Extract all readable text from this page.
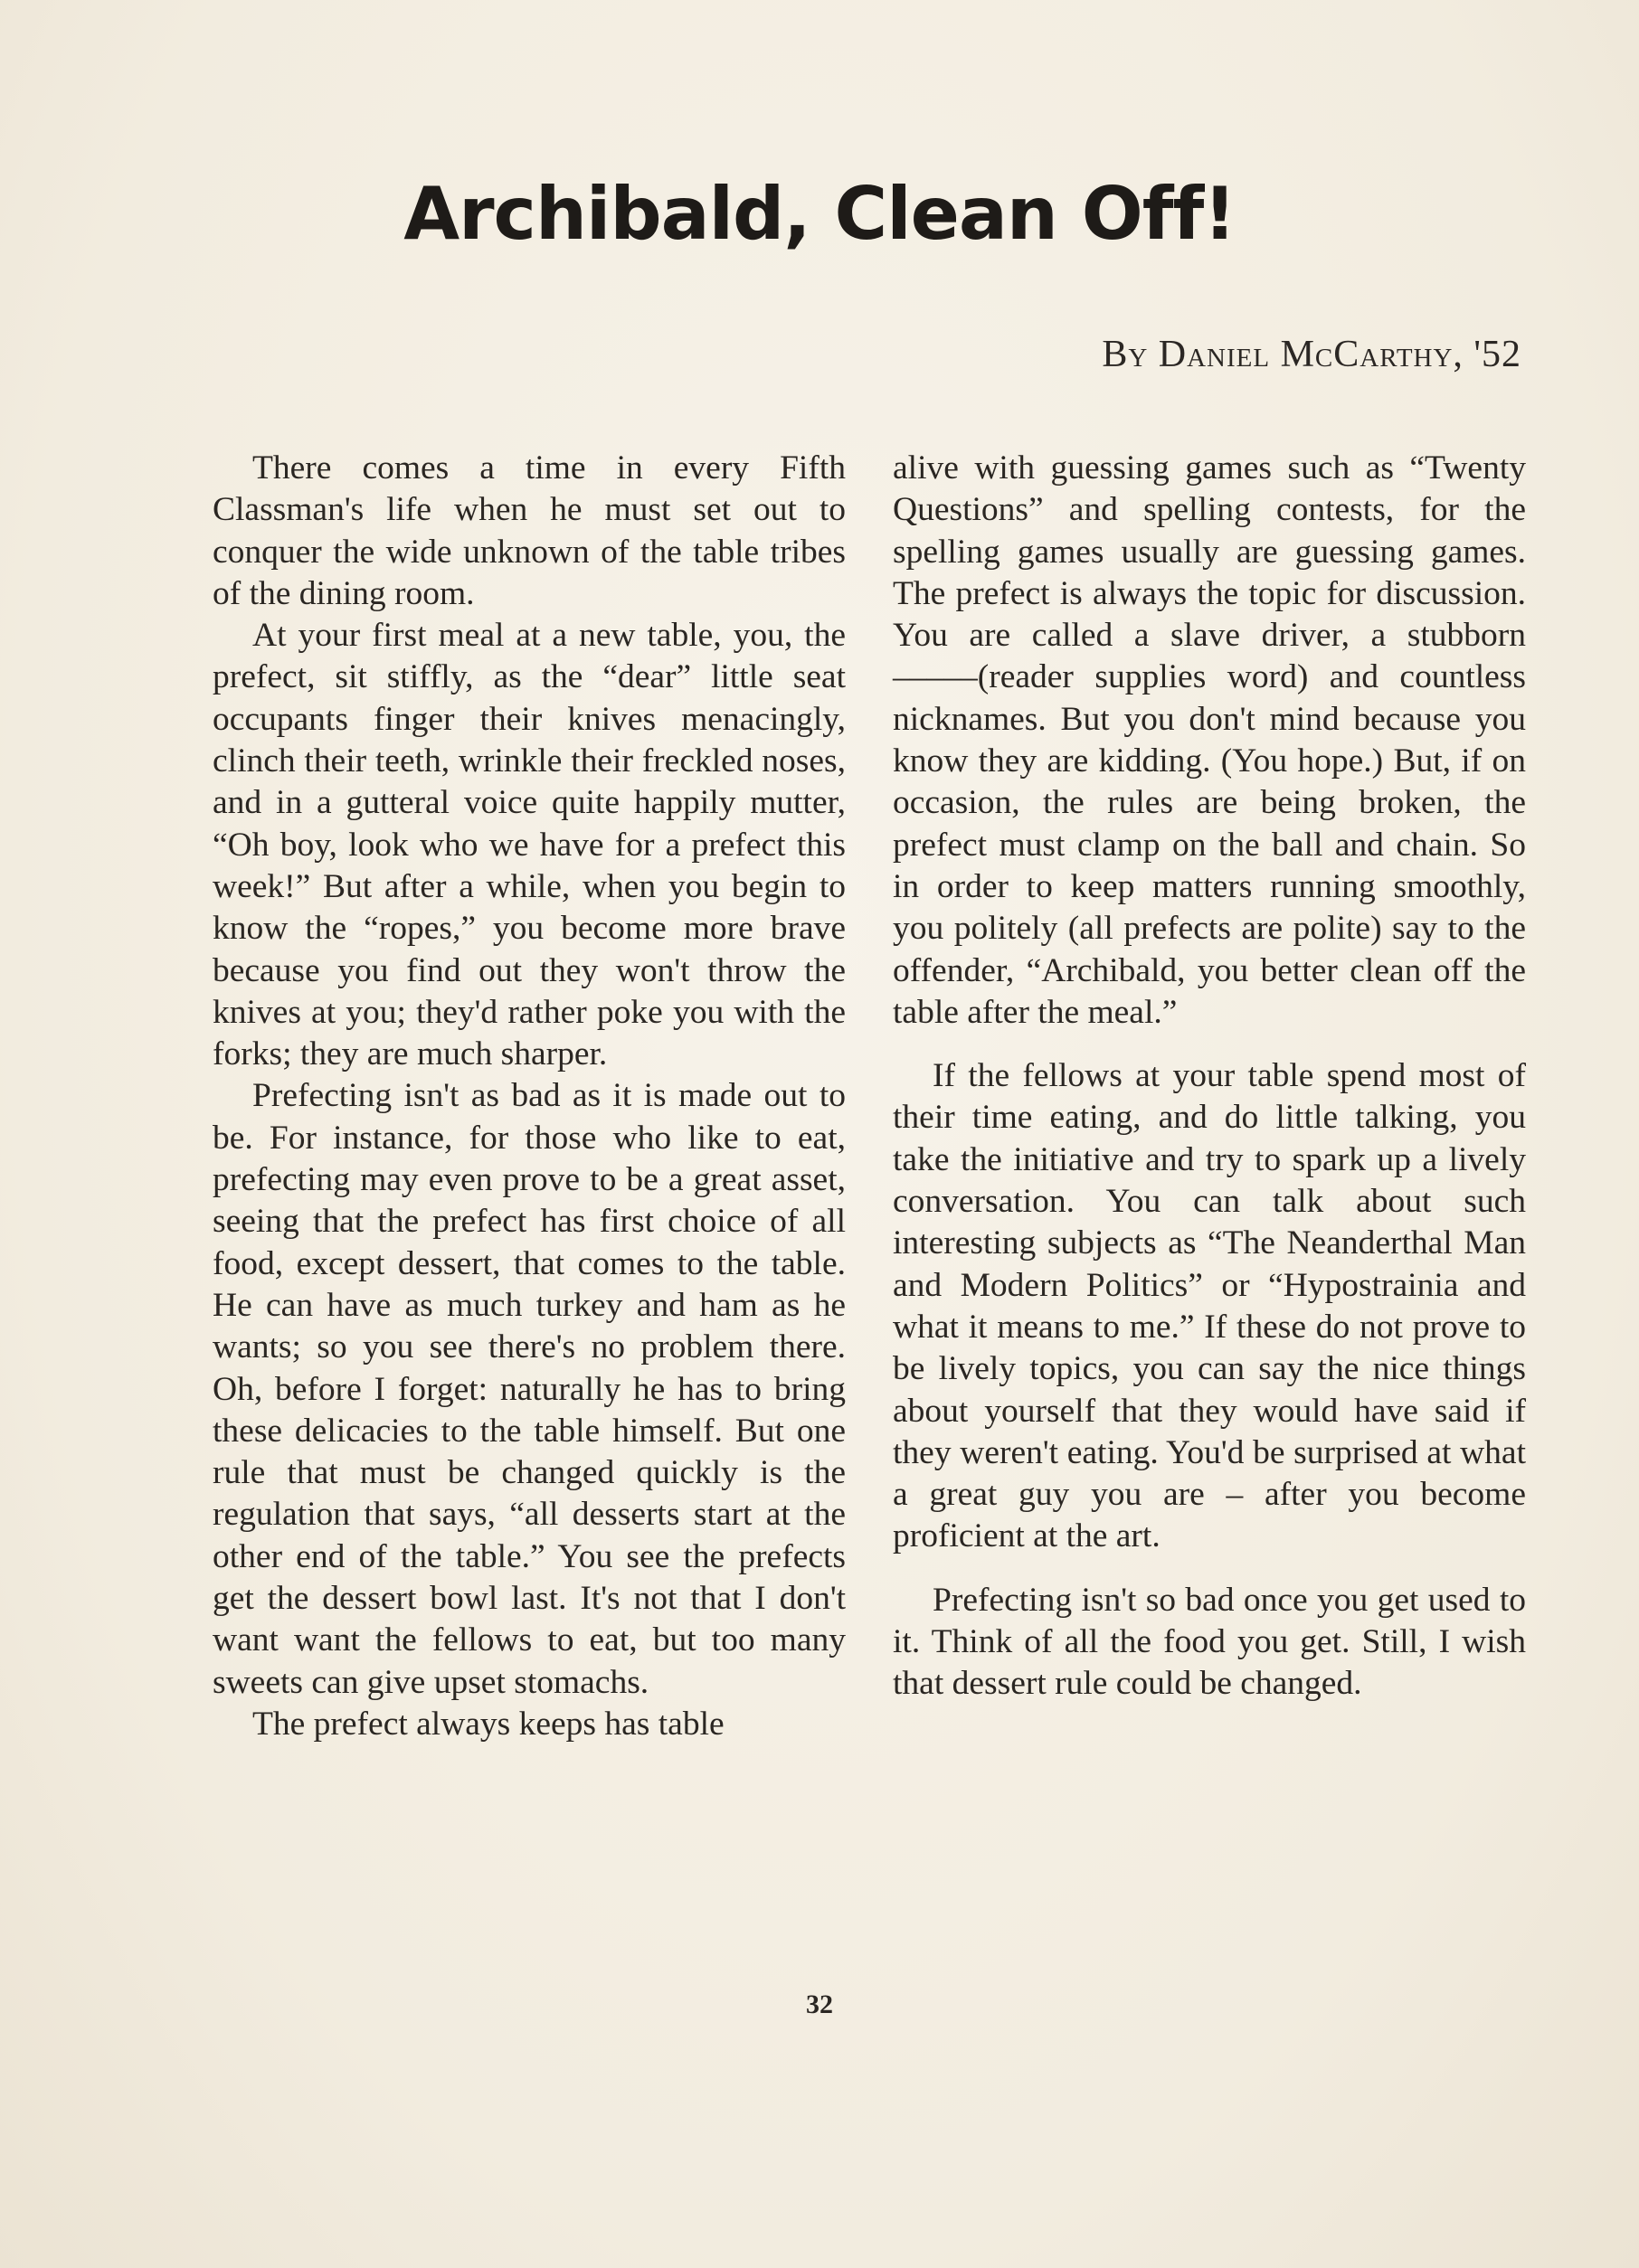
Archibald, Clean Off!
By Daniel McCarthy, '52

There comes a time in every Fifth Classman's life when he must set out to conquer the wide unknown of the table tribes of the dining room.

At your first meal at a new table, you, the prefect, sit stiffly, as the “dear” little seat occupants finger their knives menacingly, clinch their teeth, wrinkle their freckled noses, and in a gutteral voice quite happily mutter, “Oh boy, look who we have for a prefect this week!” But after a while, when you begin to know the “ropes,” you become more brave because you find out they won't throw the knives at you; they'd rather poke you with the forks; they are much sharper.

Prefecting isn't as bad as it is made out to be. For instance, for those who like to eat, prefecting may even prove to be a great asset, seeing that the prefect has first choice of all food, except dessert, that comes to the table. He can have as much turkey and ham as he wants; so you see there's no problem there. Oh, before I forget: naturally he has to bring these delicacies to the table himself. But one rule that must be changed quickly is the regulation that says, “all desserts start at the other end of the table.” You see the prefects get the dessert bowl last. It's not that I don't want want the fellows to eat, but too many sweets can give upset stomachs.

The prefect always keeps has table

alive with guessing games such as “Twenty Questions” and spelling contests, for the spelling games usually are guessing games. The prefect is always the topic for discussion. You are called a slave driver, a stubborn –––––(reader supplies word) and countless nicknames. But you don't mind because you know they are kidding. (You hope.) But, if on occasion, the rules are being broken, the prefect must clamp on the ball and chain. So in order to keep matters running smoothly, you politely (all prefects are polite) say to the offender, “Archibald, you better clean off the table after the meal.”

If the fellows at your table spend most of their time eating, and do little talking, you take the initiative and try to spark up a lively conversation. You can talk about such interesting subjects as “The Neanderthal Man and Modern Politics” or “Hypostrainia and what it means to me.” If these do not prove to be lively topics, you can say the nice things about yourself that they would have said if they weren't eating. You'd be surprised at what a great guy you are – after you become proficient at the art.

Prefecting isn't so bad once you get used to it. Think of all the food you get. Still, I wish that dessert rule could be changed.

32
